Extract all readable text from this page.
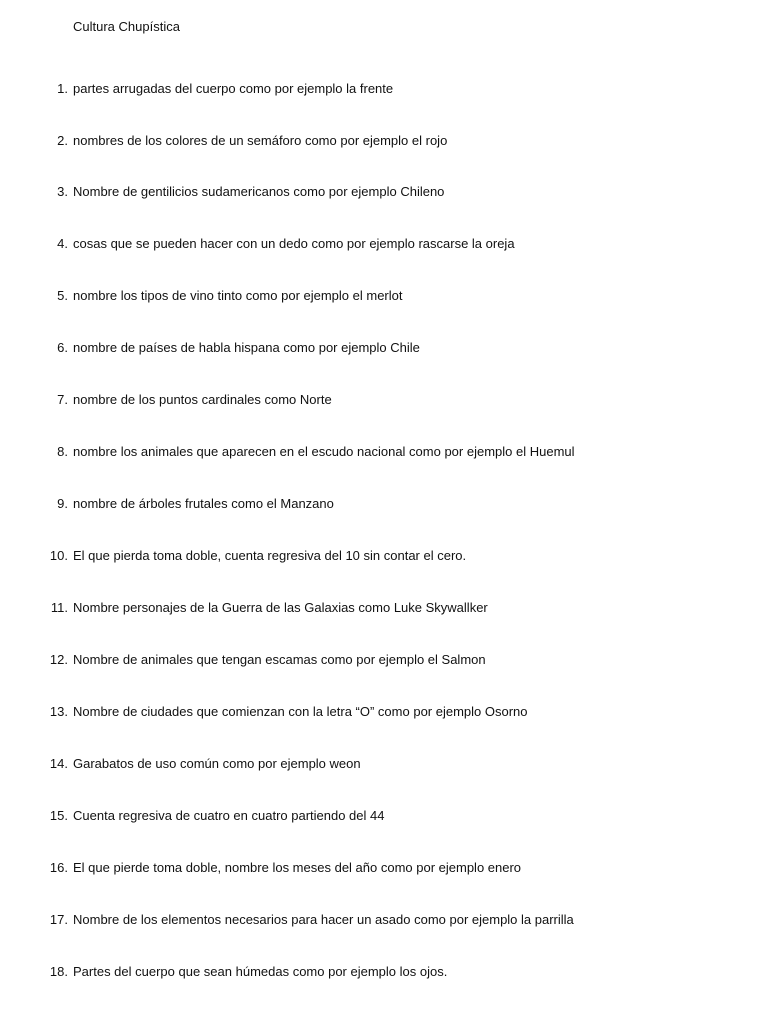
Cultura Chupística
1. partes arrugadas del cuerpo como por ejemplo la frente
2. nombres de los colores de un semáforo como por ejemplo el rojo
3. Nombre de gentilicios sudamericanos como por ejemplo Chileno
4. cosas que se pueden hacer con un dedo como por ejemplo rascarse la oreja
5. nombre los tipos de vino tinto como por ejemplo el merlot
6. nombre de países de habla hispana como por ejemplo Chile
7. nombre de los puntos cardinales como Norte
8. nombre los animales que aparecen en el escudo nacional como por ejemplo el Huemul
9. nombre de árboles frutales como el Manzano
10. El que pierda toma doble, cuenta regresiva del 10 sin contar el cero.
11. Nombre personajes de la Guerra de las Galaxias como Luke Skywallker
12. Nombre de animales que tengan escamas como por ejemplo el Salmon
13. Nombre de ciudades que comienzan con la letra “O” como por ejemplo Osorno
14. Garabatos de uso común como por ejemplo weon
15. Cuenta regresiva de cuatro en cuatro partiendo del 44
16. El que pierde toma doble, nombre los meses del año como por ejemplo enero
17. Nombre de los elementos necesarios para hacer un asado como por ejemplo la parrilla
18. Partes del cuerpo que sean húmedas como por ejemplo los ojos.
